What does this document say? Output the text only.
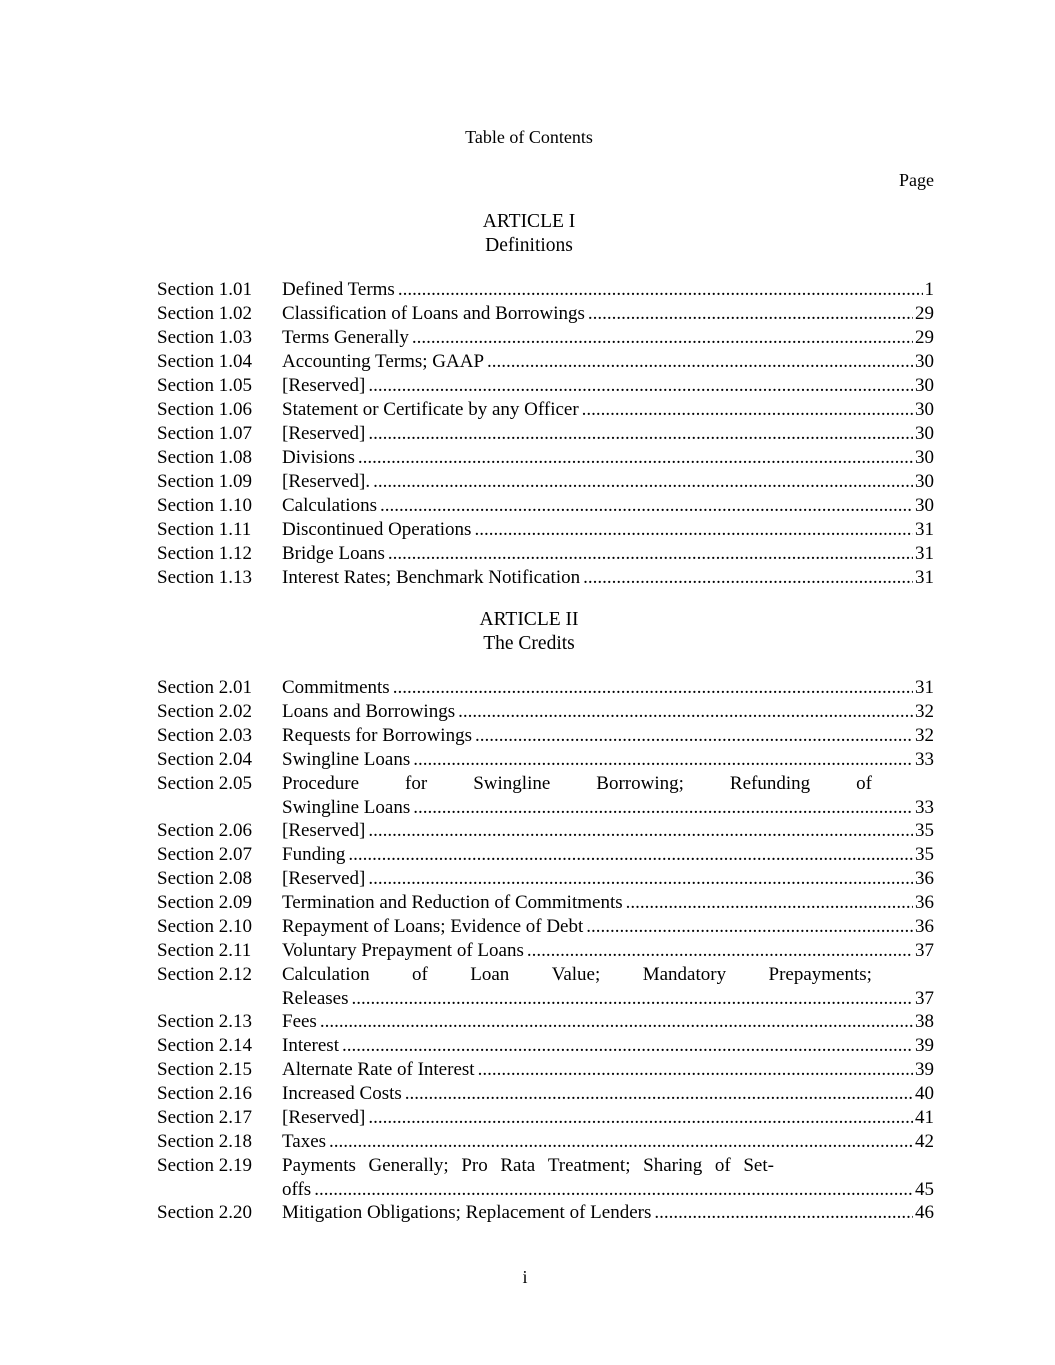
Table of Contents
Page
ARTICLE I
Definitions
Section 1.01 Defined Terms .....	1
Section 1.02 Classification of Loans and Borrowings .....	29
Section 1.03 Terms Generally .....	29
Section 1.04 Accounting Terms; GAAP .....	30
Section 1.05 [Reserved] .....	30
Section 1.06 Statement or Certificate by any Officer .....	30
Section 1.07 [Reserved] .....	30
Section 1.08 Divisions .....	30
Section 1.09 [Reserved]. .....	30
Section 1.10 Calculations .....	30
Section 1.11 Discontinued Operations .....	31
Section 1.12 Bridge Loans .....	31
Section 1.13 Interest Rates; Benchmark Notification .....	31
ARTICLE II
The Credits
Section 2.01 Commitments .....	31
Section 2.02 Loans and Borrowings .....	32
Section 2.03 Requests for Borrowings .....	32
Section 2.04 Swingline Loans .....	33
Section 2.05 Procedure for Swingline Borrowing; Refunding of
Swingline Loans .....	33
Section 2.06 [Reserved] .....	35
Section 2.07 Funding .....	35
Section 2.08 [Reserved] .....	36
Section 2.09 Termination and Reduction of Commitments .....	36
Section 2.10 Repayment of Loans; Evidence of Debt .....	36
Section 2.11 Voluntary Prepayment of Loans .....	37
Section 2.12 Calculation of Loan Value; Mandatory Prepayments;
Releases .....	37
Section 2.13 Fees .....	38
Section 2.14 Interest .....	39
Section 2.15 Alternate Rate of Interest .....	39
Section 2.16 Increased Costs .....	40
Section 2.17 [Reserved] .....	41
Section 2.18 Taxes .....	42
Section 2.19 Payments Generally; Pro Rata Treatment; Sharing of Set-
offs .....	45
Section 2.20 Mitigation Obligations; Replacement of Lenders .....	46
i
